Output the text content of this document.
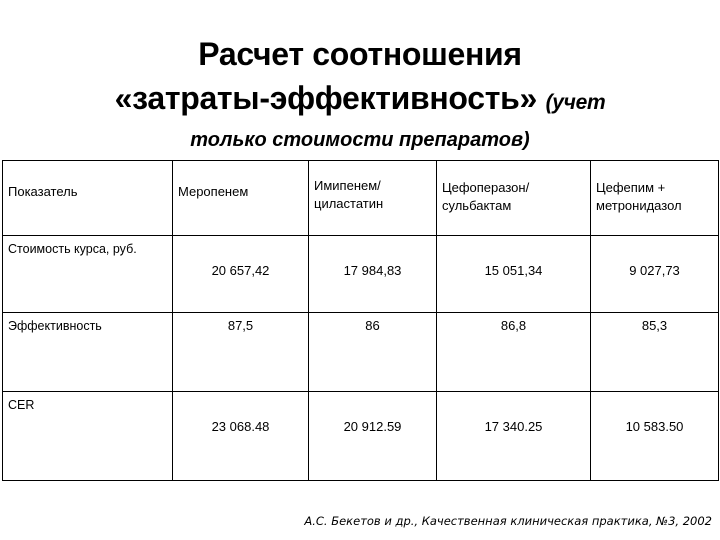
Расчет соотношения
«затраты-эффективность» (учет
только стоимости препаратов)
Показатель	Меропенем	Имипенем/ циластатин	Цефоперазон/ сульбактам	Цефепим + метронидазол

Стоимость курса, руб.	20 657,42	17 984,83	15 051,34	9 027,73

Эффективность	87,5	86	86,8	85,3

CER	23 068.48	20 912.59	17 340.25	10 583.50
А.С. Бекетов и др., Качественная клиническая практика, №3, 2002
